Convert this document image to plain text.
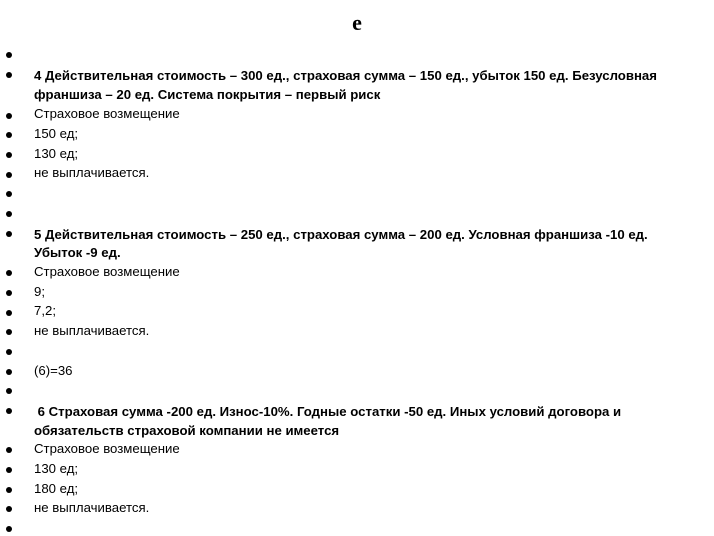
е
4 Действительная стоимость – 300 ед., страховая сумма – 150 ед., убыток 150 ед. Безусловная
франшиза – 20 ед. Система покрытия – первый риск
Страховое возмещение
150 ед;
130 ед;
не выплачивается.
5 Действительная стоимость – 250 ед., страховая сумма – 200 ед. Условная франшиза -10 ед.
Убыток -9 ед.
Страховое возмещение
9;
7,2;
не выплачивается.
(6)=36
6 Страховая сумма -200 ед. Износ-10%. Годные остатки -50 ед. Иных условий договора и
обязательств страховой компании не имеется
Страховое возмещение
130 ед;
180 ед;
не выплачивается.
